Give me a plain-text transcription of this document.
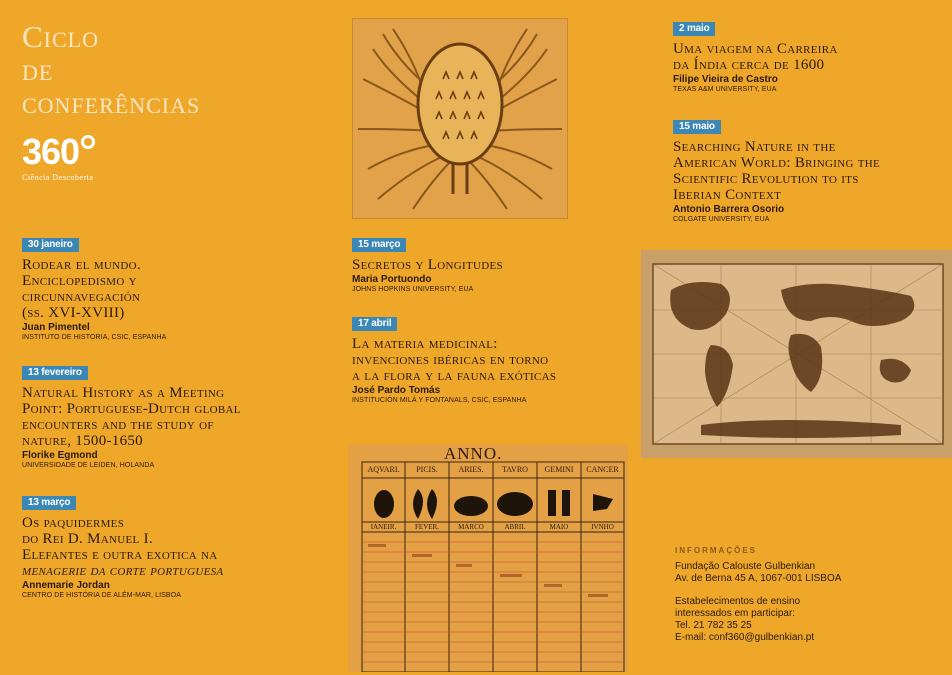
Ciclo
de
conferências
360
Ciência Descoberta
30 janeiro
Rodear el mundo.
Enciclopedismo y
circunnavegación
(ss. XVI-XVIII)
Juan Pimentel
INSTITUTO DE HISTORIA, CSIC, ESPANHA
13 fevereiro
Natural History as a Meeting
Point: Portuguese-Dutch global
encounters and the study of
nature, 1500-1650
Florike Egmond
UNIVERSIDADE DE LEIDEN, HOLANDA
13 março
Os paquidermes
do Rei D. Manuel I.
Elefantes e outra exotica na
menagerie da corte portuguesa
Annemarie Jordan
CENTRO DE HISTÓRIA DE ALÉM-MAR, LISBOA
15 março
Secretos y Longitudes
Maria Portuondo
JOHNS HOPKINS UNIVERSITY, EUA
17 abril
La materia medicinal:
invenciones ibéricas en torno
a la flora y la fauna exóticas
José Pardo Tomás
INSTITUCIÓN MILÁ Y FONTANALS, CSIC, ESPANHA
ANNO.
AQVARI.	PICIS.	ARIES.	TAVRO	GEMINI	CANCER
IANEIR.	FEVER.	MARCO	ABRIL	MAIO	IVNHO
2 maio
Uma viagem na Carreira
da Índia cerca de 1600
Filipe Vieira de Castro
TEXAS A&M UNIVERSITY, EUA
15 maio
Searching Nature in the
American World: Bringing the
Scientific Revolution to its
Iberian Context
Antonio Barrera Osorio
COLGATE UNIVERSITY, EUA
INFORMAÇÕES
Fundação Calouste Gulbenkian
Av. de Berna 45 A, 1067-001 LISBOA
Estabelecimentos de ensino
interessados em participar:
Tel. 21 782 35 25
E-mail: conf360@gulbenkian.pt
